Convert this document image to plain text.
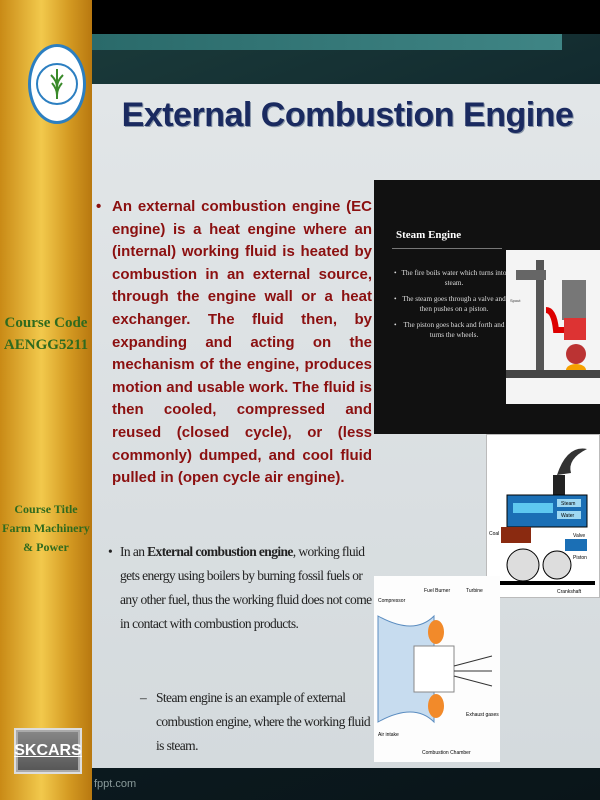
Course Code
AENGG5211
Course Title
Farm Machinery
& Power
SKCARS
External Combustion Engine
• An external combustion engine (EC engine) is a heat engine where an (internal) working fluid is heated by combustion in an external source, through the engine wall or a heat exchanger. The fluid then, by expanding and acting on the mechanism of the engine, produces motion and usable work. The fluid is then cooled, compressed and reused (closed cycle), or (less commonly) dumped, and cool fluid pulled in (open cycle air engine).

• In an External combustion engine, working fluid gets energy using boilers by burning fossil fuels or any other fuel, thus the working fluid does not come in contact with combustion products.

– Steam engine is an example of external combustion engine, where the working fluid is steam.

Steam Engine
• The fire boils water which turns into steam.
• The steam goes through a valve and then pushes on a piston.
• The piston goes back and forth and turns the wheels.
Spout
Steam
Water
Coal	Valve
Piston
Crankshaft
Compressor
Fuel Burner	Turbine
Air intake
Exhaust gases
Combustion Chamber
fppt.com
